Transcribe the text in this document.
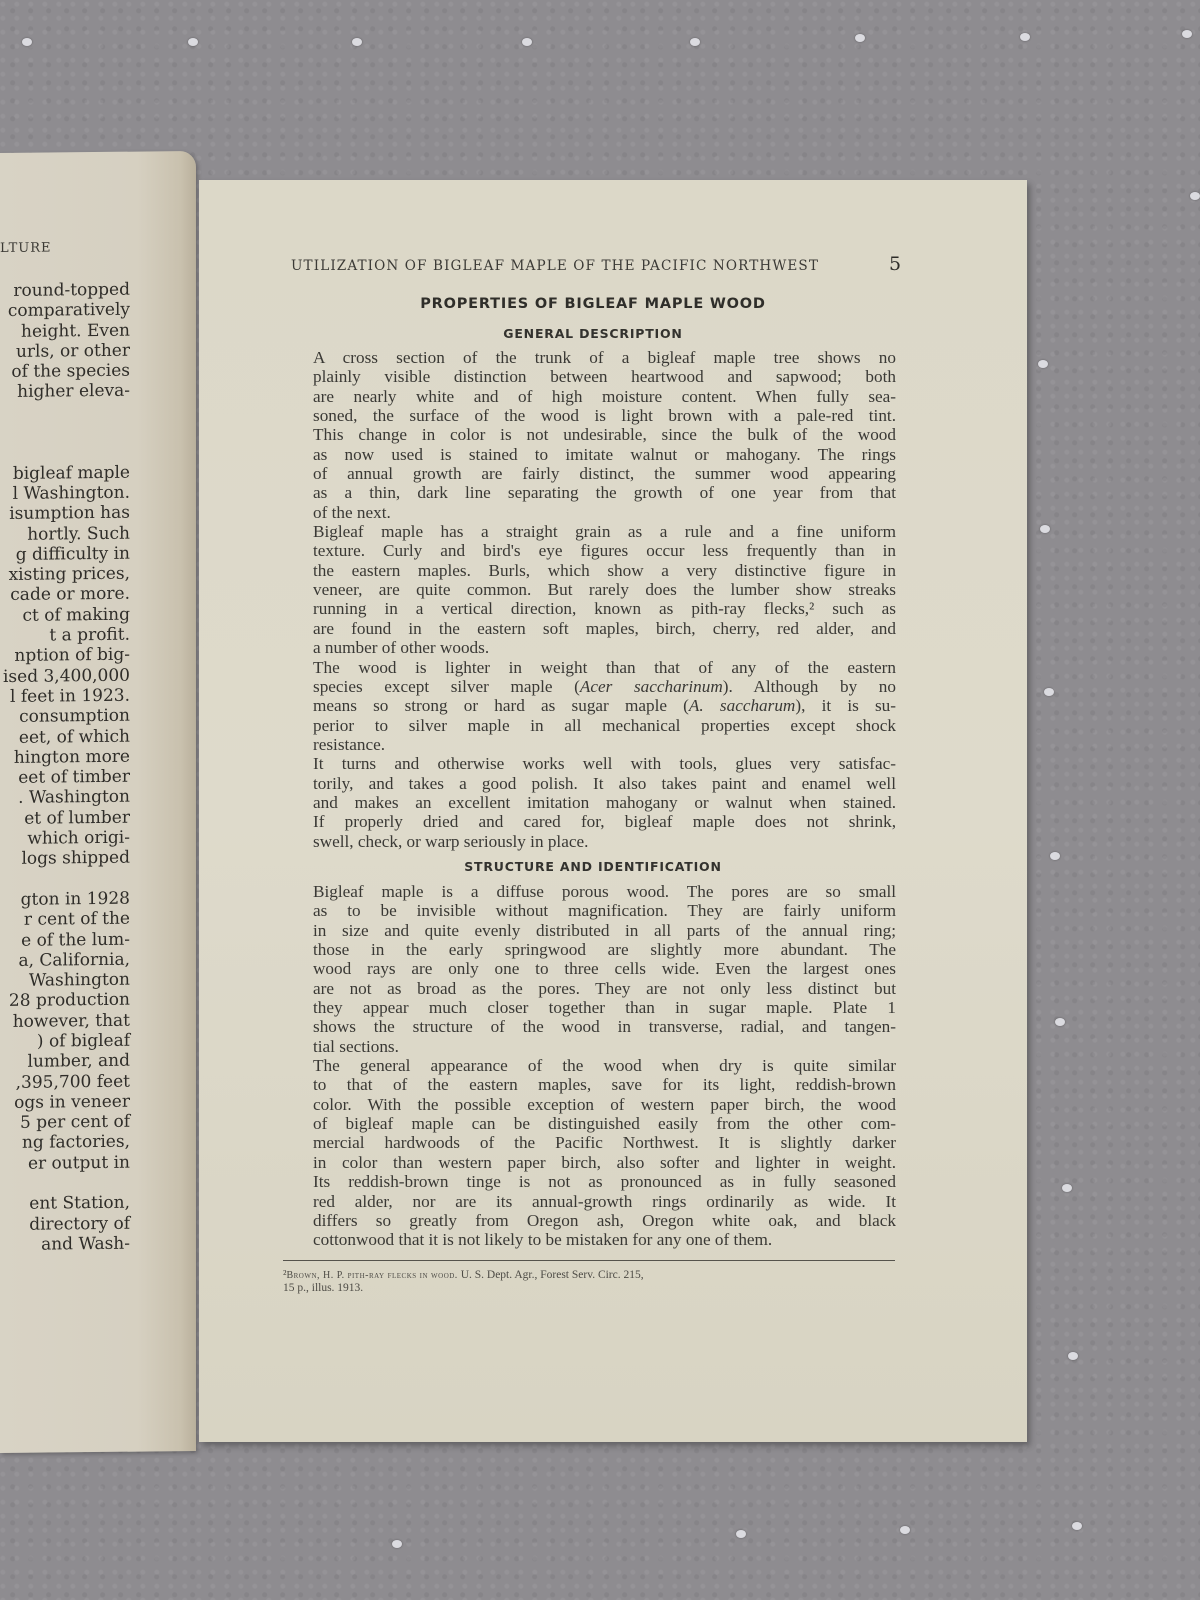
LTURE
round-topped
comparatively
height. Even
urls, or other
of the species
higher eleva-

bigleaf maple
l Washington.
isumption has
hortly. Such
g difficulty in
xisting prices,
cade or more.
ct of making
t a profit.
nption of big-
ised 3,400,000
l feet in 1923.
consumption
eet, of which
hington more
eet of timber
. Washington
et of lumber
which origi-
logs shipped

gton in 1928
r cent of the
e of the lum-
a, California,
Washington
28 production
however, that
) of bigleaf
lumber, and
,395,700 feet
ogs in veneer
5 per cent of
ng factories,
er output in

ent Station,
directory of
and Wash-
UTILIZATION OF BIGLEAF MAPLE OF THE PACIFIC NORTHWEST	5
PROPERTIES OF BIGLEAF MAPLE WOOD
GENERAL DESCRIPTION

A cross section of the trunk of a bigleaf maple tree shows no
plainly visible distinction between heartwood and sapwood; both
are nearly white and of high moisture content. When fully sea-
soned, the surface of the wood is light brown with a pale-red tint.
This change in color is not undesirable, since the bulk of the wood
as now used is stained to imitate walnut or mahogany. The rings
of annual growth are fairly distinct, the summer wood appearing
as a thin, dark line separating the growth of one year from that
of the next.

Bigleaf maple has a straight grain as a rule and a fine uniform
texture. Curly and bird's eye figures occur less frequently than in
the eastern maples. Burls, which show a very distinctive figure in
veneer, are quite common. But rarely does the lumber show streaks
running in a vertical direction, known as pith-ray flecks,² such as
are found in the eastern soft maples, birch, cherry, red alder, and
a number of other woods.

The wood is lighter in weight than that of any of the eastern
species except silver maple (Acer saccharinum). Although by no
means so strong or hard as sugar maple (A. saccharum), it is su-
perior to silver maple in all mechanical properties except shock
resistance.

It turns and otherwise works well with tools, glues very satisfac-
torily, and takes a good polish. It also takes paint and enamel well
and makes an excellent imitation mahogany or walnut when stained.
If properly dried and cared for, bigleaf maple does not shrink,
swell, check, or warp seriously in place.

STRUCTURE AND IDENTIFICATION

Bigleaf maple is a diffuse porous wood. The pores are so small
as to be invisible without magnification. They are fairly uniform
in size and quite evenly distributed in all parts of the annual ring;
those in the early springwood are slightly more abundant. The
wood rays are only one to three cells wide. Even the largest ones
are not as broad as the pores. They are not only less distinct but
they appear much closer together than in sugar maple. Plate 1
shows the structure of the wood in transverse, radial, and tangen-
tial sections.

The general appearance of the wood when dry is quite similar
to that of the eastern maples, save for its light, reddish-brown
color. With the possible exception of western paper birch, the wood
of bigleaf maple can be distinguished easily from the other com-
mercial hardwoods of the Pacific Northwest. It is slightly darker
in color than western paper birch, also softer and lighter in weight.
Its reddish-brown tinge is not as pronounced as in fully seasoned
red alder, nor are its annual-growth rings ordinarily as wide. It
differs so greatly from Oregon ash, Oregon white oak, and black
cottonwood that it is not likely to be mistaken for any one of them.

²Brown, H. P. pith-ray flecks in wood. U. S. Dept. Agr., Forest Serv. Circ. 215,
15 p., illus. 1913.
